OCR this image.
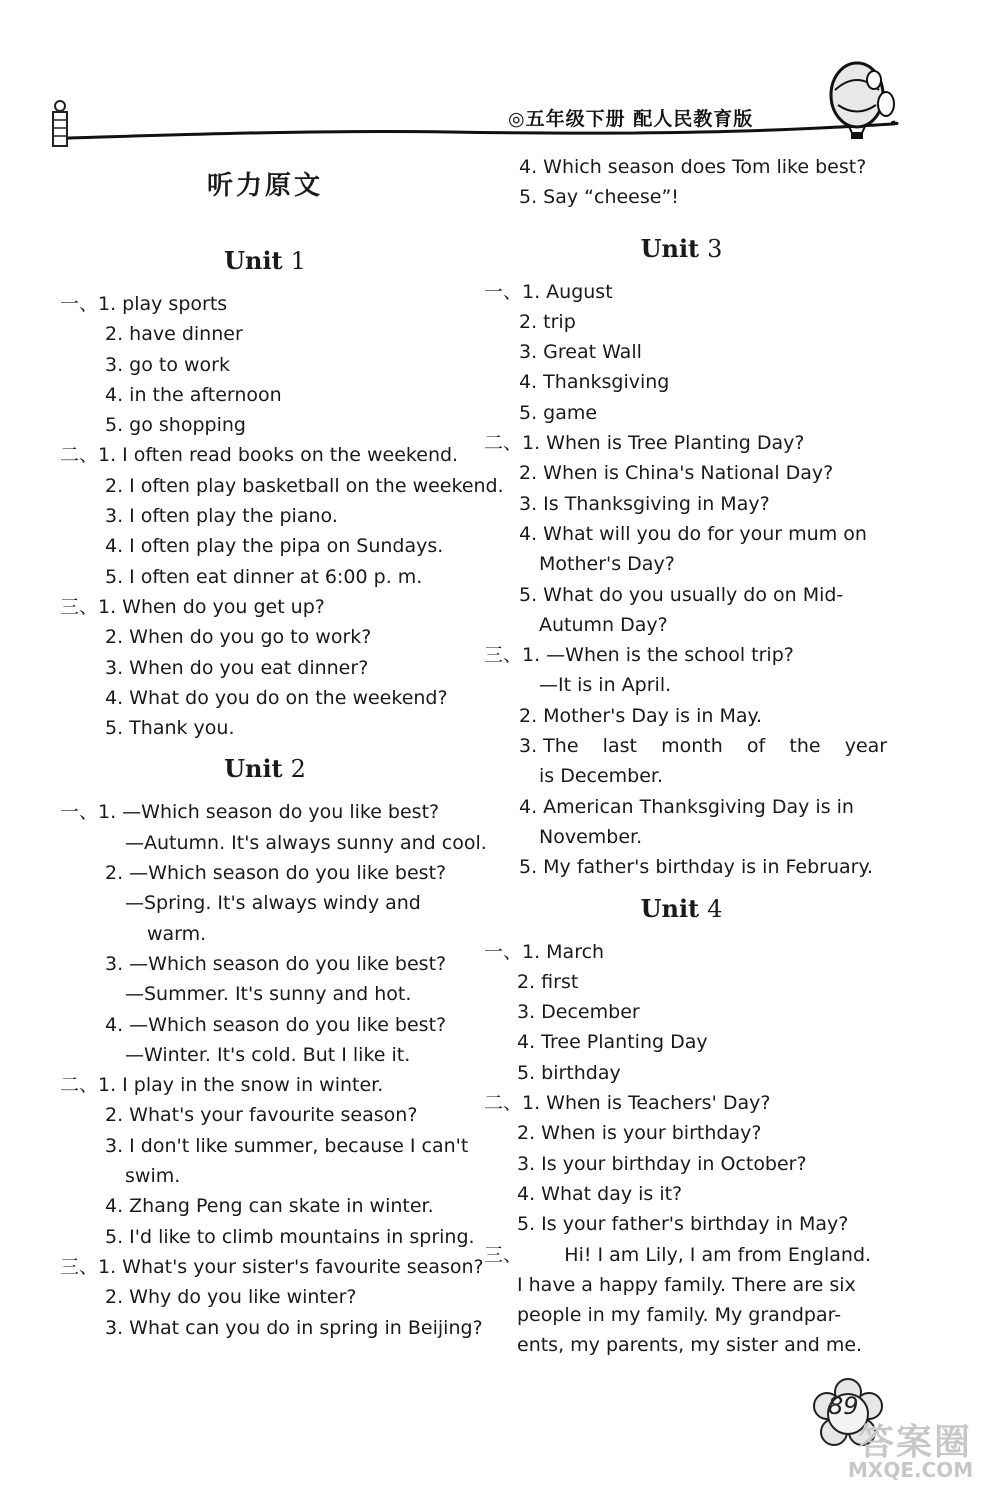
◎五年级下册 配人民教育版
听力原文
Unit 1
一、1. play sports
2. have dinner
3. go to work
4. in the afternoon
5. go shopping
二、1. I often read books on the weekend.
2. I often play basketball on the weekend.
3. I often play the piano.
4. I often play the pipa on Sundays.
5. I often eat dinner at 6:00 p. m.
三、1. When do you get up?
2. When do you go to work?
3. When do you eat dinner?
4. What do you do on the weekend?
5. Thank you.
Unit 2
一、1. —Which season do you like best?
—Autumn. It's always sunny and cool.
2. —Which season do you like best?
—Spring. It's always windy and
warm.
3. —Which season do you like best?
—Summer. It's sunny and hot.
4. —Which season do you like best?
—Winter. It's cold. But I like it.
二、1. I play in the snow in winter.
2. What's your favourite season?
3. I don't like summer, because I can't
swim.
4. Zhang Peng can skate in winter.
5. I'd like to climb mountains in spring.
三、1. What's your sister's favourite season?
2. Why do you like winter?
3. What can you do in spring in Beijing?
4. Which season does Tom like best?
5. Say “cheese”!
Unit 3
一、1. August
2. trip
3. Great Wall
4. Thanksgiving
5. game
二、1. When is Tree Planting Day?
2. When is China's National Day?
3. Is Thanksgiving in May?
4. What will you do for your mum on
Mother's Day?
5. What do you usually do on Mid-
Autumn Day?
三、1. —When is the school trip?
—It is in April.
2. Mother's Day is in May.
3. The    last    month    of    the    year
is December.
4. American Thanksgiving Day is in
November.
5. My father's birthday is in February.
Unit 4
一、1. March
2. first
3. December
4. Tree Planting Day
5. birthday
二、1. When is Teachers' Day?
2. When is your birthday?
3. Is your birthday in October?
4. What day is it?
5. Is your father's birthday in May?
三、       Hi! I am Lily, I am from England.
I have a happy family. There are six
people in my family. My grandpar-
ents, my parents, my sister and me.
89
答案圈
MXQE.COM
